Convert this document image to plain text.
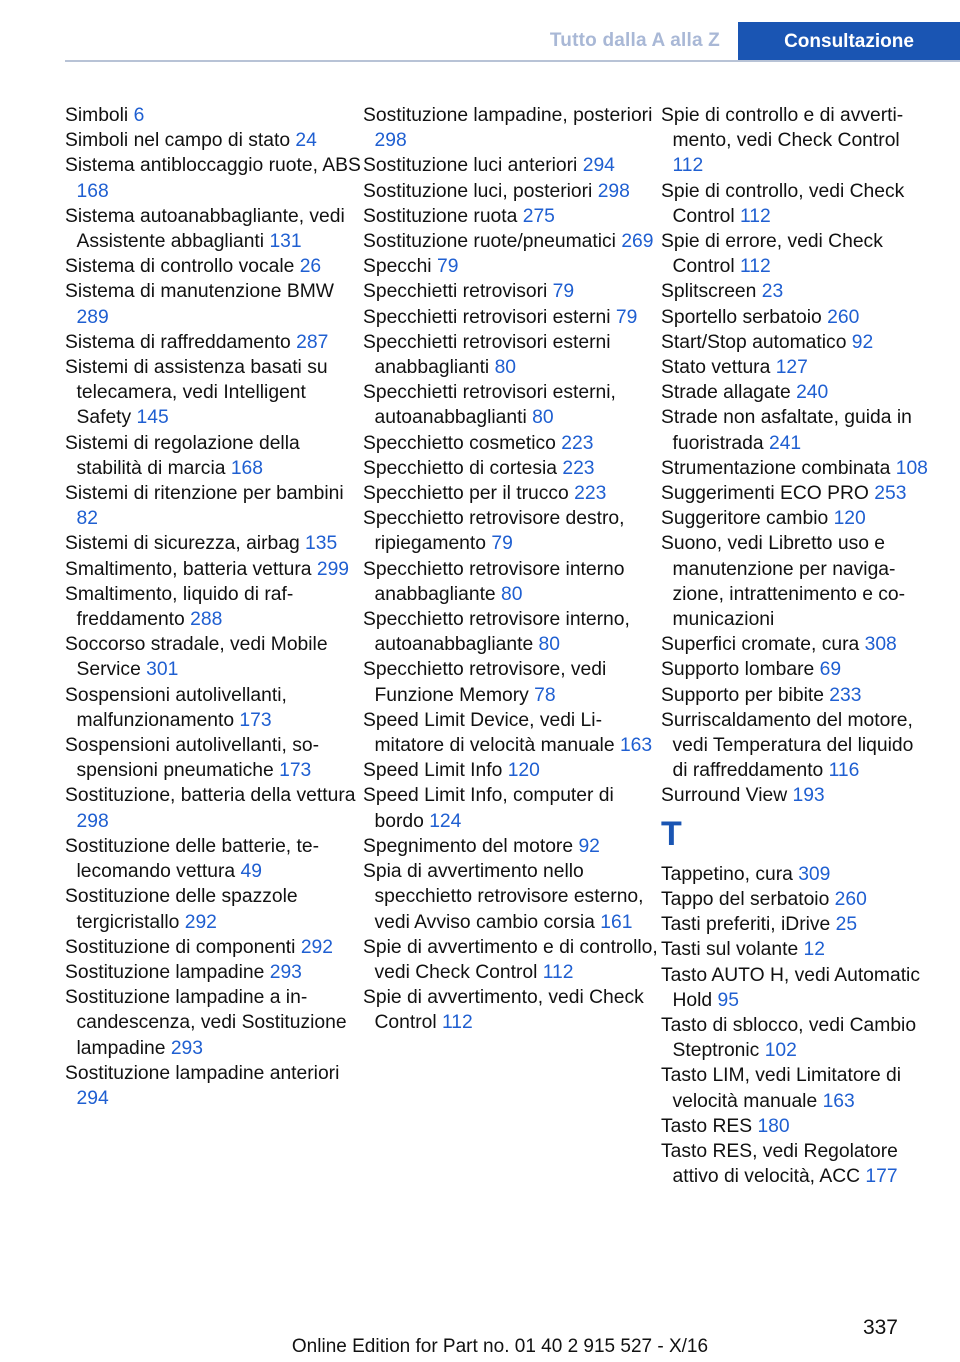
Tutto dalla A alla Z	Consultazione
Simboli 6
Simboli nel campo di stato 24
Sistema antibloccaggio ruote, ABS 168
Sistema autoanabbagliante, vedi Assistente abbaglianti 131
Sistema di controllo vocale 26
Sistema di manutenzione BMW 289
Sistema di raffreddamento 287
Sistemi di assistenza basati su telecamera, vedi Intelligent Safety 145
Sistemi di regolazione della stabilità di marcia 168
Sistemi di ritenzione per bambini 82
Sistemi di sicurezza, airbag 135
Smaltimento, batteria vettura 299
Smaltimento, liquido di raffreddamento 288
Soccorso stradale, vedi Mobile Service 301
Sospensioni autolivellanti, malfunzionamento 173
Sospensioni autolivellanti, sospensioni pneumatiche 173
Sostituzione, batteria della vettura 298
Sostituzione delle batterie, telecomando vettura 49
Sostituzione delle spazzole tergicristallo 292
Sostituzione di componenti 292
Sostituzione lampadine 293
Sostituzione lampadine a incandescenza, vedi Sostituzione lampadine 293
Sostituzione lampadine anteriori 294
Sostituzione lampadine, posteriori 298
Sostituzione luci anteriori 294
Sostituzione luci, posteriori 298
Sostituzione ruota 275
Sostituzione ruote/pneumatici 269
Specchi 79
Specchietti retrovisori 79
Specchietti retrovisori esterni 79
Specchietti retrovisori esterni anabbaglianti 80
Specchietti retrovisori esterni, autoanabbaglianti 80
Specchietto cosmetico 223
Specchietto di cortesia 223
Specchietto per il trucco 223
Specchietto retrovisore destro, ripiegamento 79
Specchietto retrovisore interno anabbagliante 80
Specchietto retrovisore interno, autoanabbagliante 80
Specchietto retrovisore, vedi Funzione Memory 78
Speed Limit Device, vedi Limitatore di velocità manuale 163
Speed Limit Info 120
Speed Limit Info, computer di bordo 124
Spegnimento del motore 92
Spia di avvertimento nello specchietto retrovisore esterno, vedi Avviso cambio corsia 161
Spie di avvertimento e di controllo, vedi Check Control 112
Spie di avvertimento, vedi Check Control 112
Spie di controllo e di avvertimento, vedi Check Control 112
Spie di controllo, vedi Check Control 112
Spie di errore, vedi Check Control 112
Splitscreen 23
Sportello serbatoio 260
Start/Stop automatico 92
Stato vettura 127
Strade allagate 240
Strade non asfaltate, guida in fuoristrada 241
Strumentazione combinata 108
Suggerimenti ECO PRO 253
Suggeritore cambio 120
Suono, vedi Libretto uso e manutenzione per navigazione, intrattenimento e comunicazioni
Superfici cromate, cura 308
Supporto lombare 69
Supporto per bibite 233
Surriscaldamento del motore, vedi Temperatura del liquido di raffreddamento 116
Surround View 193
T
Tappetino, cura 309
Tappo del serbatoio 260
Tasti preferiti, iDrive 25
Tasti sul volante 12
Tasto AUTO H, vedi Automatic Hold 95
Tasto di sblocco, vedi Cambio Steptronic 102
Tasto LIM, vedi Limitatore di velocità manuale 163
Tasto RES 180
Tasto RES, vedi Regolatore attivo di velocità, ACC 177
337
Online Edition for Part no. 01 40 2 915 527 - X/16
